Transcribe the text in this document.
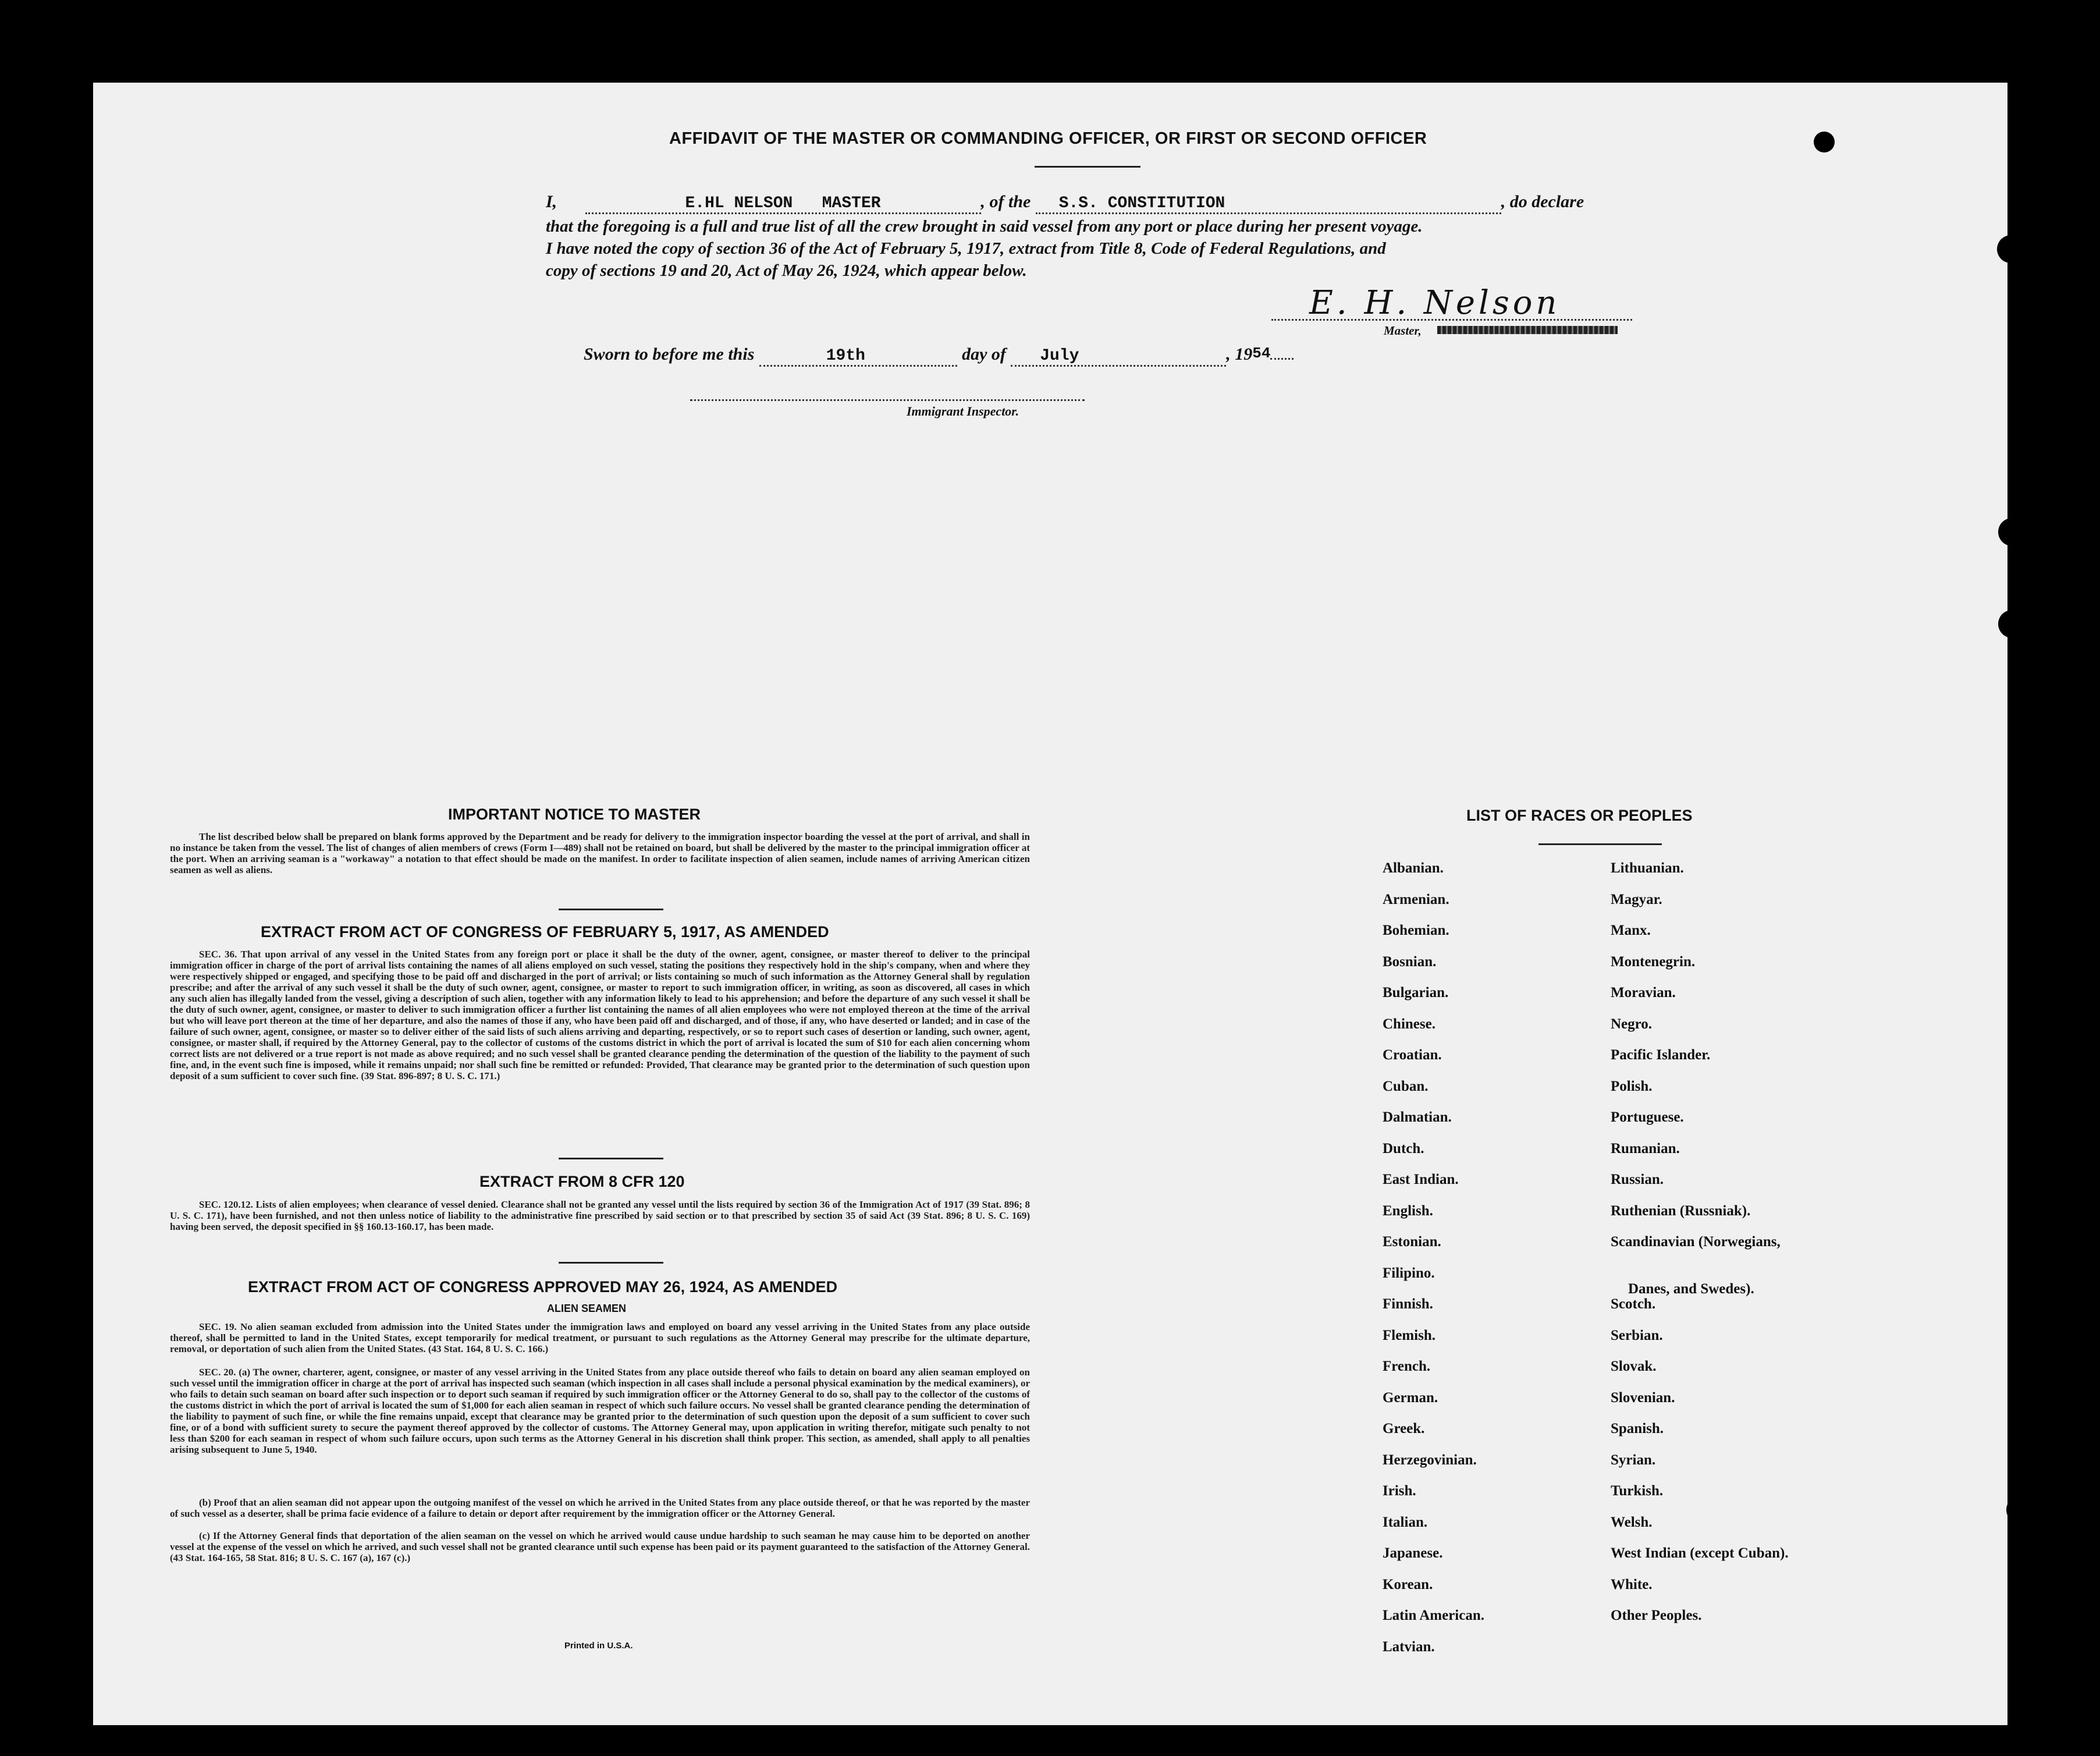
AFFIDAVIT OF THE MASTER OR COMMANDING OFFICER, OR FIRST OR SECOND OFFICER
I,	E.HL NELSON   MASTER	, of the S.S. CONSTITUTION	, do declare
that the foregoing is a full and true list of all the crew brought in said vessel from any port or place during her present voyage.
I have noted the copy of section 36 of the Act of February 5, 1917, extract from Title 8, Code of Federal Regulations, and
copy of sections 19 and 20, Act of May 26, 1924, which appear below.
E. H. Nelson
Master,
Sworn to before me this	19th	day of July	, 1954
Immigrant Inspector.
IMPORTANT NOTICE TO MASTER
The list described below shall be prepared on blank forms approved by the Department and be ready for delivery to the immigration inspector boarding the vessel at the port of arrival, and shall in no instance be taken from the vessel. The list of changes of alien members of crews (Form I—489) shall not be retained on board, but shall be delivered by the master to the principal immigration officer at the port. When an arriving seaman is a "workaway" a notation to that effect should be made on the manifest. In order to facilitate inspection of alien seamen, include names of arriving American citizen seamen as well as aliens.
EXTRACT FROM ACT OF CONGRESS OF FEBRUARY 5, 1917, AS AMENDED
SEC. 36. That upon arrival of any vessel in the United States from any foreign port or place it shall be the duty of the owner, agent, consignee, or master thereof to deliver to the principal immigration officer in charge of the port of arrival lists containing the names of all aliens employed on such vessel, stating the positions they respectively hold in the ship's company, when and where they were respectively shipped or engaged, and specifying those to be paid off and discharged in the port of arrival; or lists containing so much of such information as the Attorney General shall by regulation prescribe; and after the arrival of any such vessel it shall be the duty of such owner, agent, consignee, or master to report to such immigration officer, in writing, as soon as discovered, all cases in which any such alien has illegally landed from the vessel, giving a description of such alien, together with any information likely to lead to his apprehension; and before the departure of any such vessel it shall be the duty of such owner, agent, consignee, or master to deliver to such immigration officer a further list containing the names of all alien employees who were not employed thereon at the time of the arrival but who will leave port thereon at the time of her departure, and also the names of those if any, who have been paid off and discharged, and of those, if any, who have deserted or landed; and in case of the failure of such owner, agent, consignee, or master so to deliver either of the said lists of such aliens arriving and departing, respectively, or so to report such cases of desertion or landing, such owner, agent, consignee, or master shall, if required by the Attorney General, pay to the collector of customs of the customs district in which the port of arrival is located the sum of $10 for each alien concerning whom correct lists are not delivered or a true report is not made as above required; and no such vessel shall be granted clearance pending the determination of the question of the liability to the payment of such fine, and, in the event such fine is imposed, while it remains unpaid; nor shall such fine be remitted or refunded: Provided, That clearance may be granted prior to the determination of such question upon deposit of a sum sufficient to cover such fine. (39 Stat. 896-897; 8 U. S. C. 171.)
EXTRACT FROM 8 CFR 120
SEC. 120.12. Lists of alien employees; when clearance of vessel denied. Clearance shall not be granted any vessel until the lists required by section 36 of the Immigration Act of 1917 (39 Stat. 896; 8 U. S. C. 171), have been furnished, and not then unless notice of liability to the administrative fine prescribed by said section or to that prescribed by section 35 of said Act (39 Stat. 896; 8 U. S. C. 169) having been served, the deposit specified in §§ 160.13-160.17, has been made.
EXTRACT FROM ACT OF CONGRESS APPROVED MAY 26, 1924, AS AMENDED
ALIEN SEAMEN
SEC. 19. No alien seaman excluded from admission into the United States under the immigration laws and employed on board any vessel arriving in the United States from any place outside thereof, shall be permitted to land in the United States, except temporarily for medical treatment, or pursuant to such regulations as the Attorney General may prescribe for the ultimate departure, removal, or deportation of such alien from the United States. (43 Stat. 164, 8 U. S. C. 166.)
SEC. 20. (a) The owner, charterer, agent, consignee, or master of any vessel arriving in the United States from any place outside thereof who fails to detain on board any alien seaman employed on such vessel until the immigration officer in charge at the port of arrival has inspected such seaman (which inspection in all cases shall include a personal physical examination by the medical examiners), or who fails to detain such seaman on board after such inspection or to deport such seaman if required by such immigration officer or the Attorney General to do so, shall pay to the collector of the customs of the customs district in which the port of arrival is located the sum of $1,000 for each alien seaman in respect of which such failure occurs. No vessel shall be granted clearance pending the determination of the liability to payment of such fine, or while the fine remains unpaid, except that clearance may be granted prior to the determination of such question upon the deposit of a sum sufficient to cover such fine, or of a bond with sufficient surety to secure the payment thereof approved by the collector of customs. The Attorney General may, upon application in writing therefor, mitigate such penalty to not less than $200 for each seaman in respect of whom such failure occurs, upon such terms as the Attorney General in his discretion shall think proper. This section, as amended, shall apply to all penalties arising subsequent to June 5, 1940.
(b) Proof that an alien seaman did not appear upon the outgoing manifest of the vessel on which he arrived in the United States from any place outside thereof, or that he was reported by the master of such vessel as a deserter, shall be prima facie evidence of a failure to detain or deport after requirement by the immigration officer or the Attorney General.
(c) If the Attorney General finds that deportation of the alien seaman on the vessel on which he arrived would cause undue hardship to such seaman he may cause him to be deported on another vessel at the expense of the vessel on which he arrived, and such vessel shall not be granted clearance until such expense has been paid or its payment guaranteed to the satisfaction of the Attorney General. (43 Stat. 164-165, 58 Stat. 816; 8 U. S. C. 167 (a), 167 (c).)
Printed in U.S.A.
LIST OF RACES OR PEOPLES
Albanian.
Armenian.
Bohemian.
Bosnian.
Bulgarian.
Chinese.
Croatian.
Cuban.
Dalmatian.
Dutch.
East Indian.
English.
Estonian.
Filipino.
Finnish.
Flemish.
French.
German.
Greek.
Herzegovinian.
Irish.
Italian.
Japanese.
Korean.
Latin American.
Latvian.
Lithuanian.
Magyar.
Manx.
Montenegrin.
Moravian.
Negro.
Pacific Islander.
Polish.
Portuguese.
Rumanian.
Russian.
Ruthenian (Russniak).
Scandinavian (Norwegians,
Danes, and Swedes).
Scotch.
Serbian.
Slovak.
Slovenian.
Spanish.
Syrian.
Turkish.
Welsh.
West Indian (except Cuban).
White.
Other Peoples.
